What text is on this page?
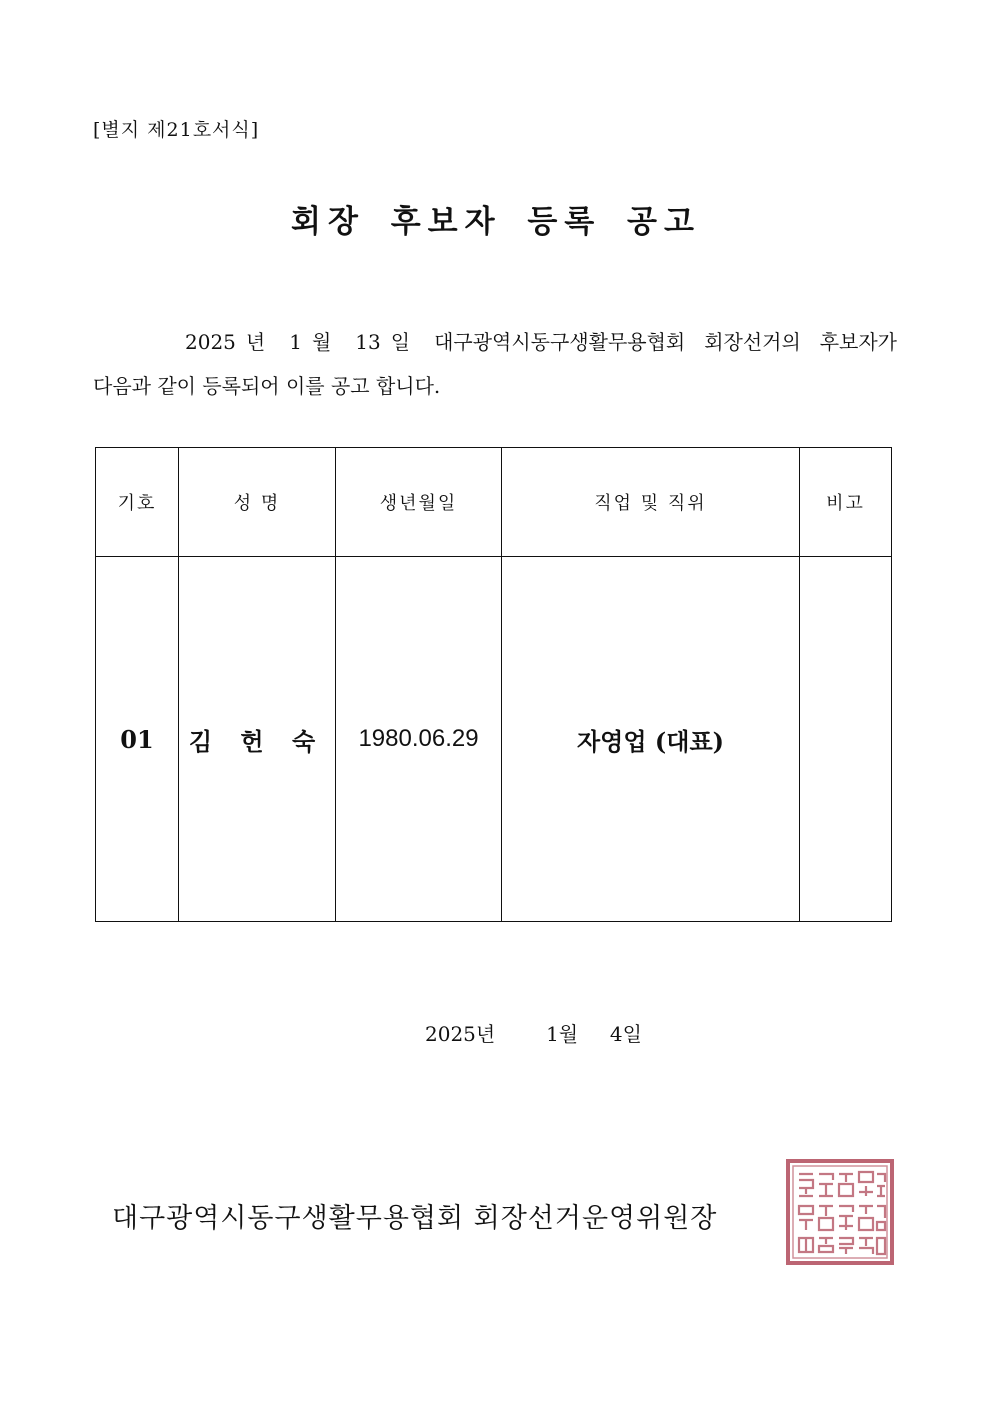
[별지 제21호서식]
회장 후보자 등록 공고
2025 년 1 월 13 일 대구광역시동구생활무용협회 회장선거의 후보자가 다음과 같이 등록되어 이를 공고 합니다.
기호	성 명	생년월일	직업 및 직위	비고
01	김 헌 숙	1980.06.29	자영업 (대표)	
2025년	1월 4일
대구광역시동구생활무용협회 회장선거운영위원장
